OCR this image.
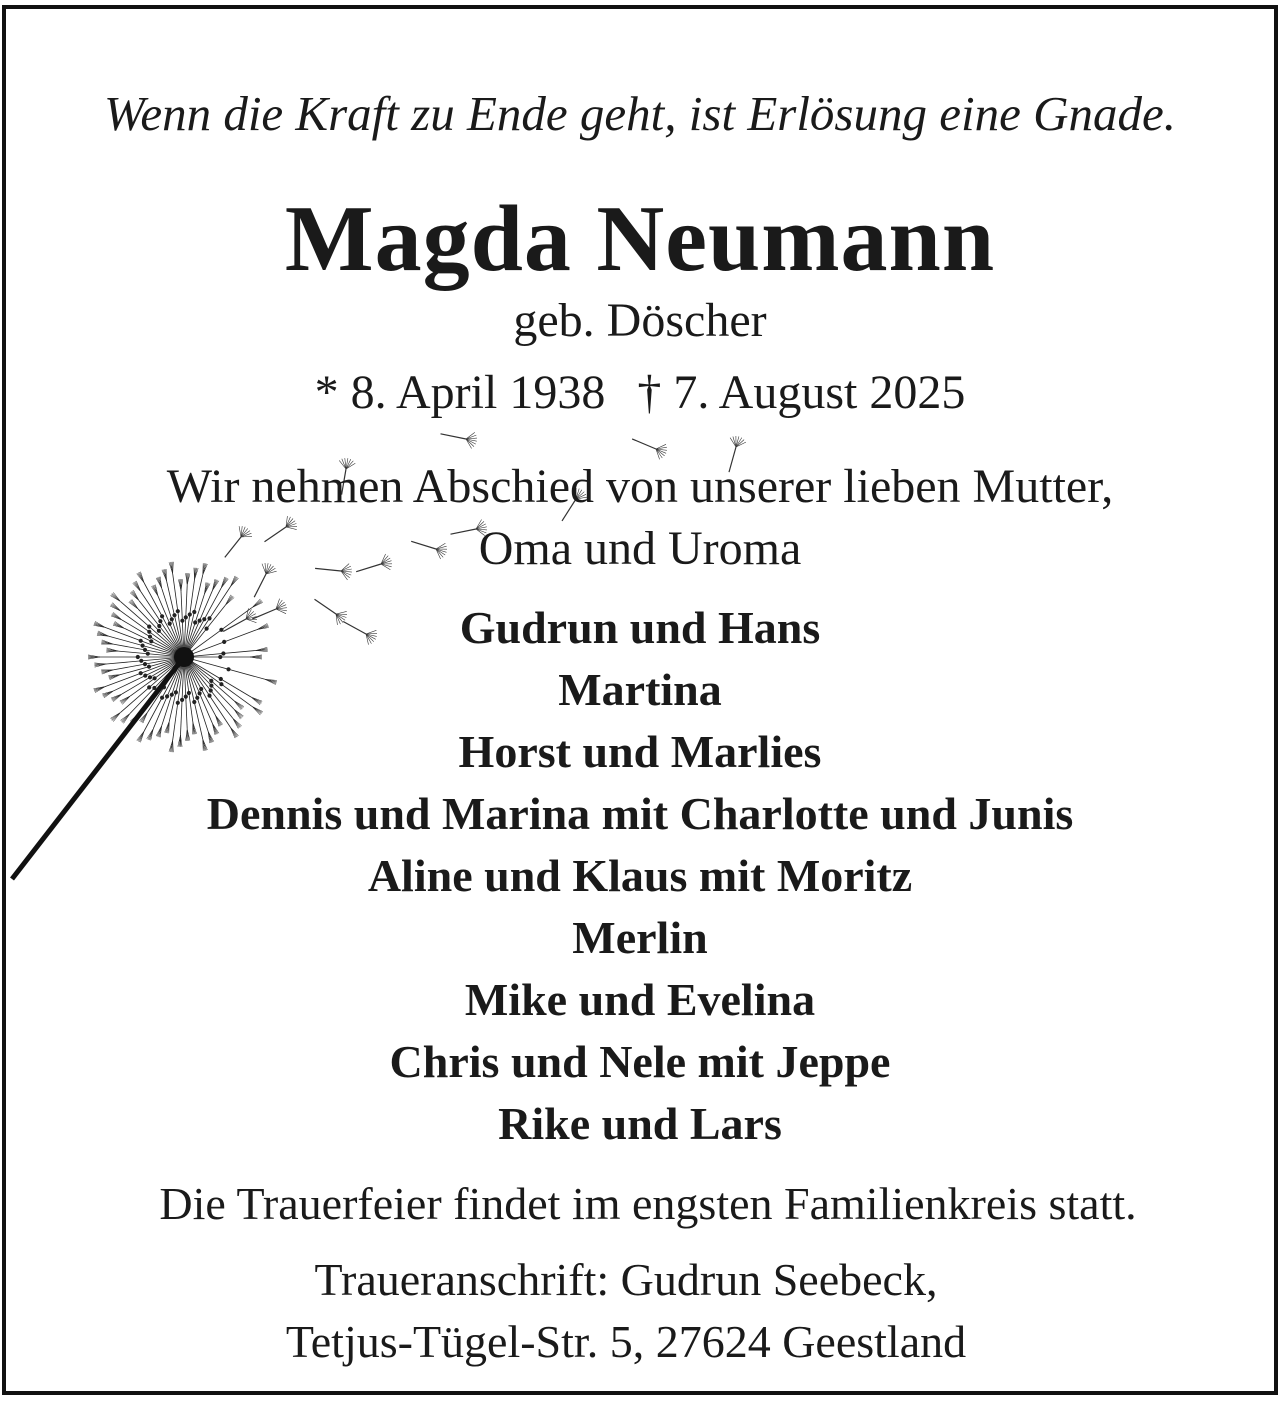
Wenn die Kraft zu Ende geht, ist Erlösung eine Gnade.
Magda Neumann
geb. Döscher
* 8. April 1938 † 7. August 2025
Wir nehmen Abschied von unserer lieben Mutter,
Oma und Uroma
Gudrun und Hans
Martina
Horst und Marlies
Dennis und Marina mit Charlotte und Junis
Aline und Klaus mit Moritz
Merlin
Mike und Evelina
Chris und Nele mit Jeppe
Rike und Lars
Die Trauerfeier findet im engsten Familienkreis statt.
Traueranschrift: Gudrun Seebeck,
Tetjus-Tügel-Str. 5, 27624 Geestland
